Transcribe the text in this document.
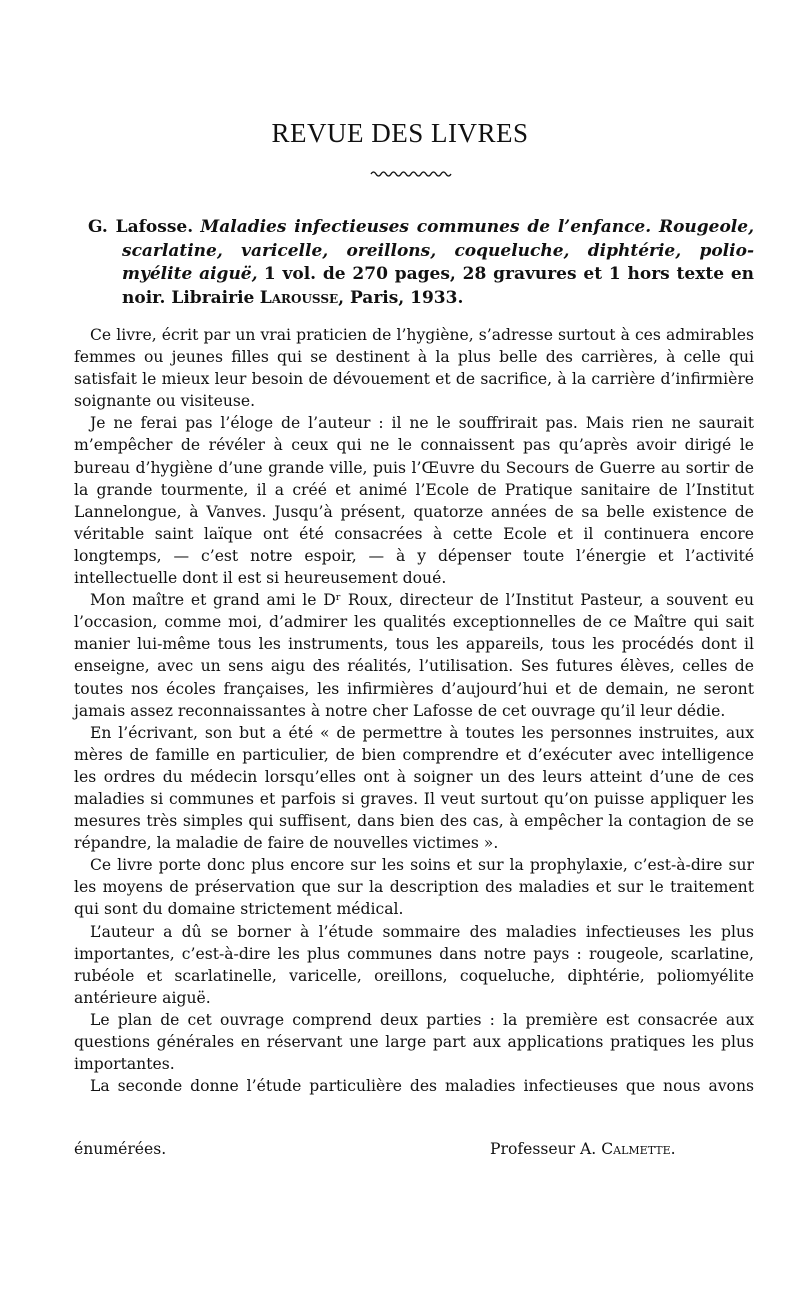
REVUE DES LIVRES
G. Lafosse. Maladies infectieuses communes de l’enfance. Rougeole, scarlatine, varicelle, oreillons, coqueluche, diphtérie, polio-myélite aiguë, 1 vol. de 270 pages, 28 gravures et 1 hors texte en noir. Librairie Larousse, Paris, 1933.

Ce livre, écrit par un vrai praticien de l’hygiène, s’adresse surtout à ces admirables femmes ou jeunes filles qui se destinent à la plus belle des carrières, à celle qui satisfait le mieux leur besoin de dévouement et de sacrifice, à la carrière d’infirmière soignante ou visiteuse.

Je ne ferai pas l’éloge de l’auteur : il ne le souffrirait pas. Mais rien ne saurait m’empêcher de révéler à ceux qui ne le connaissent pas qu’après avoir dirigé le bureau d’hygiène d’une grande ville, puis l’Œuvre du Secours de Guerre au sortir de la grande tourmente, il a créé et animé l’Ecole de Pratique sanitaire de l’Institut Lannelongue, à Vanves. Jusqu’à présent, quatorze années de sa belle existence de véritable saint laïque ont été consacrées à cette Ecole et il continuera encore longtemps, — c’est notre espoir, — à y dépenser toute l’énergie et l’activité intellectuelle dont il est si heureusement doué.

Mon maître et grand ami le Dʳ Roux, directeur de l’Institut Pasteur, a souvent eu l’occasion, comme moi, d’admirer les qualités exceptionnelles de ce Maître qui sait manier lui-même tous les instruments, tous les appareils, tous les procédés dont il enseigne, avec un sens aigu des réalités, l’utilisation. Ses futures élèves, celles de toutes nos écoles françaises, les infirmières d’aujourd’hui et de demain, ne seront jamais assez reconnaissantes à notre cher Lafosse de cet ouvrage qu’il leur dédie.

En l’écrivant, son but a été « de permettre à toutes les personnes instruites, aux mères de famille en particulier, de bien comprendre et d’exécuter avec intelligence les ordres du médecin lorsqu’elles ont à soigner un des leurs atteint d’une de ces maladies si communes et parfois si graves. Il veut surtout qu’on puisse appliquer les mesures très simples qui suffisent, dans bien des cas, à empêcher la contagion de se répandre, la maladie de faire de nouvelles victimes ».

Ce livre porte donc plus encore sur les soins et sur la prophylaxie, c’est-à-dire sur les moyens de préservation que sur la description des maladies et sur le traitement qui sont du domaine strictement médical.

L’auteur a dû se borner à l’étude sommaire des maladies infectieuses les plus importantes, c’est-à-dire les plus communes dans notre pays : rougeole, scarlatine, rubéole et scarlatinelle, varicelle, oreillons, coqueluche, diphtérie, poliomyélite antérieure aiguë.

Le plan de cet ouvrage comprend deux parties : la première est consacrée aux questions générales en réservant une large part aux applications pratiques les plus importantes.

La seconde donne l’étude particulière des maladies infectieuses que nous avons

énumérées.	Professeur A. Calmette.
